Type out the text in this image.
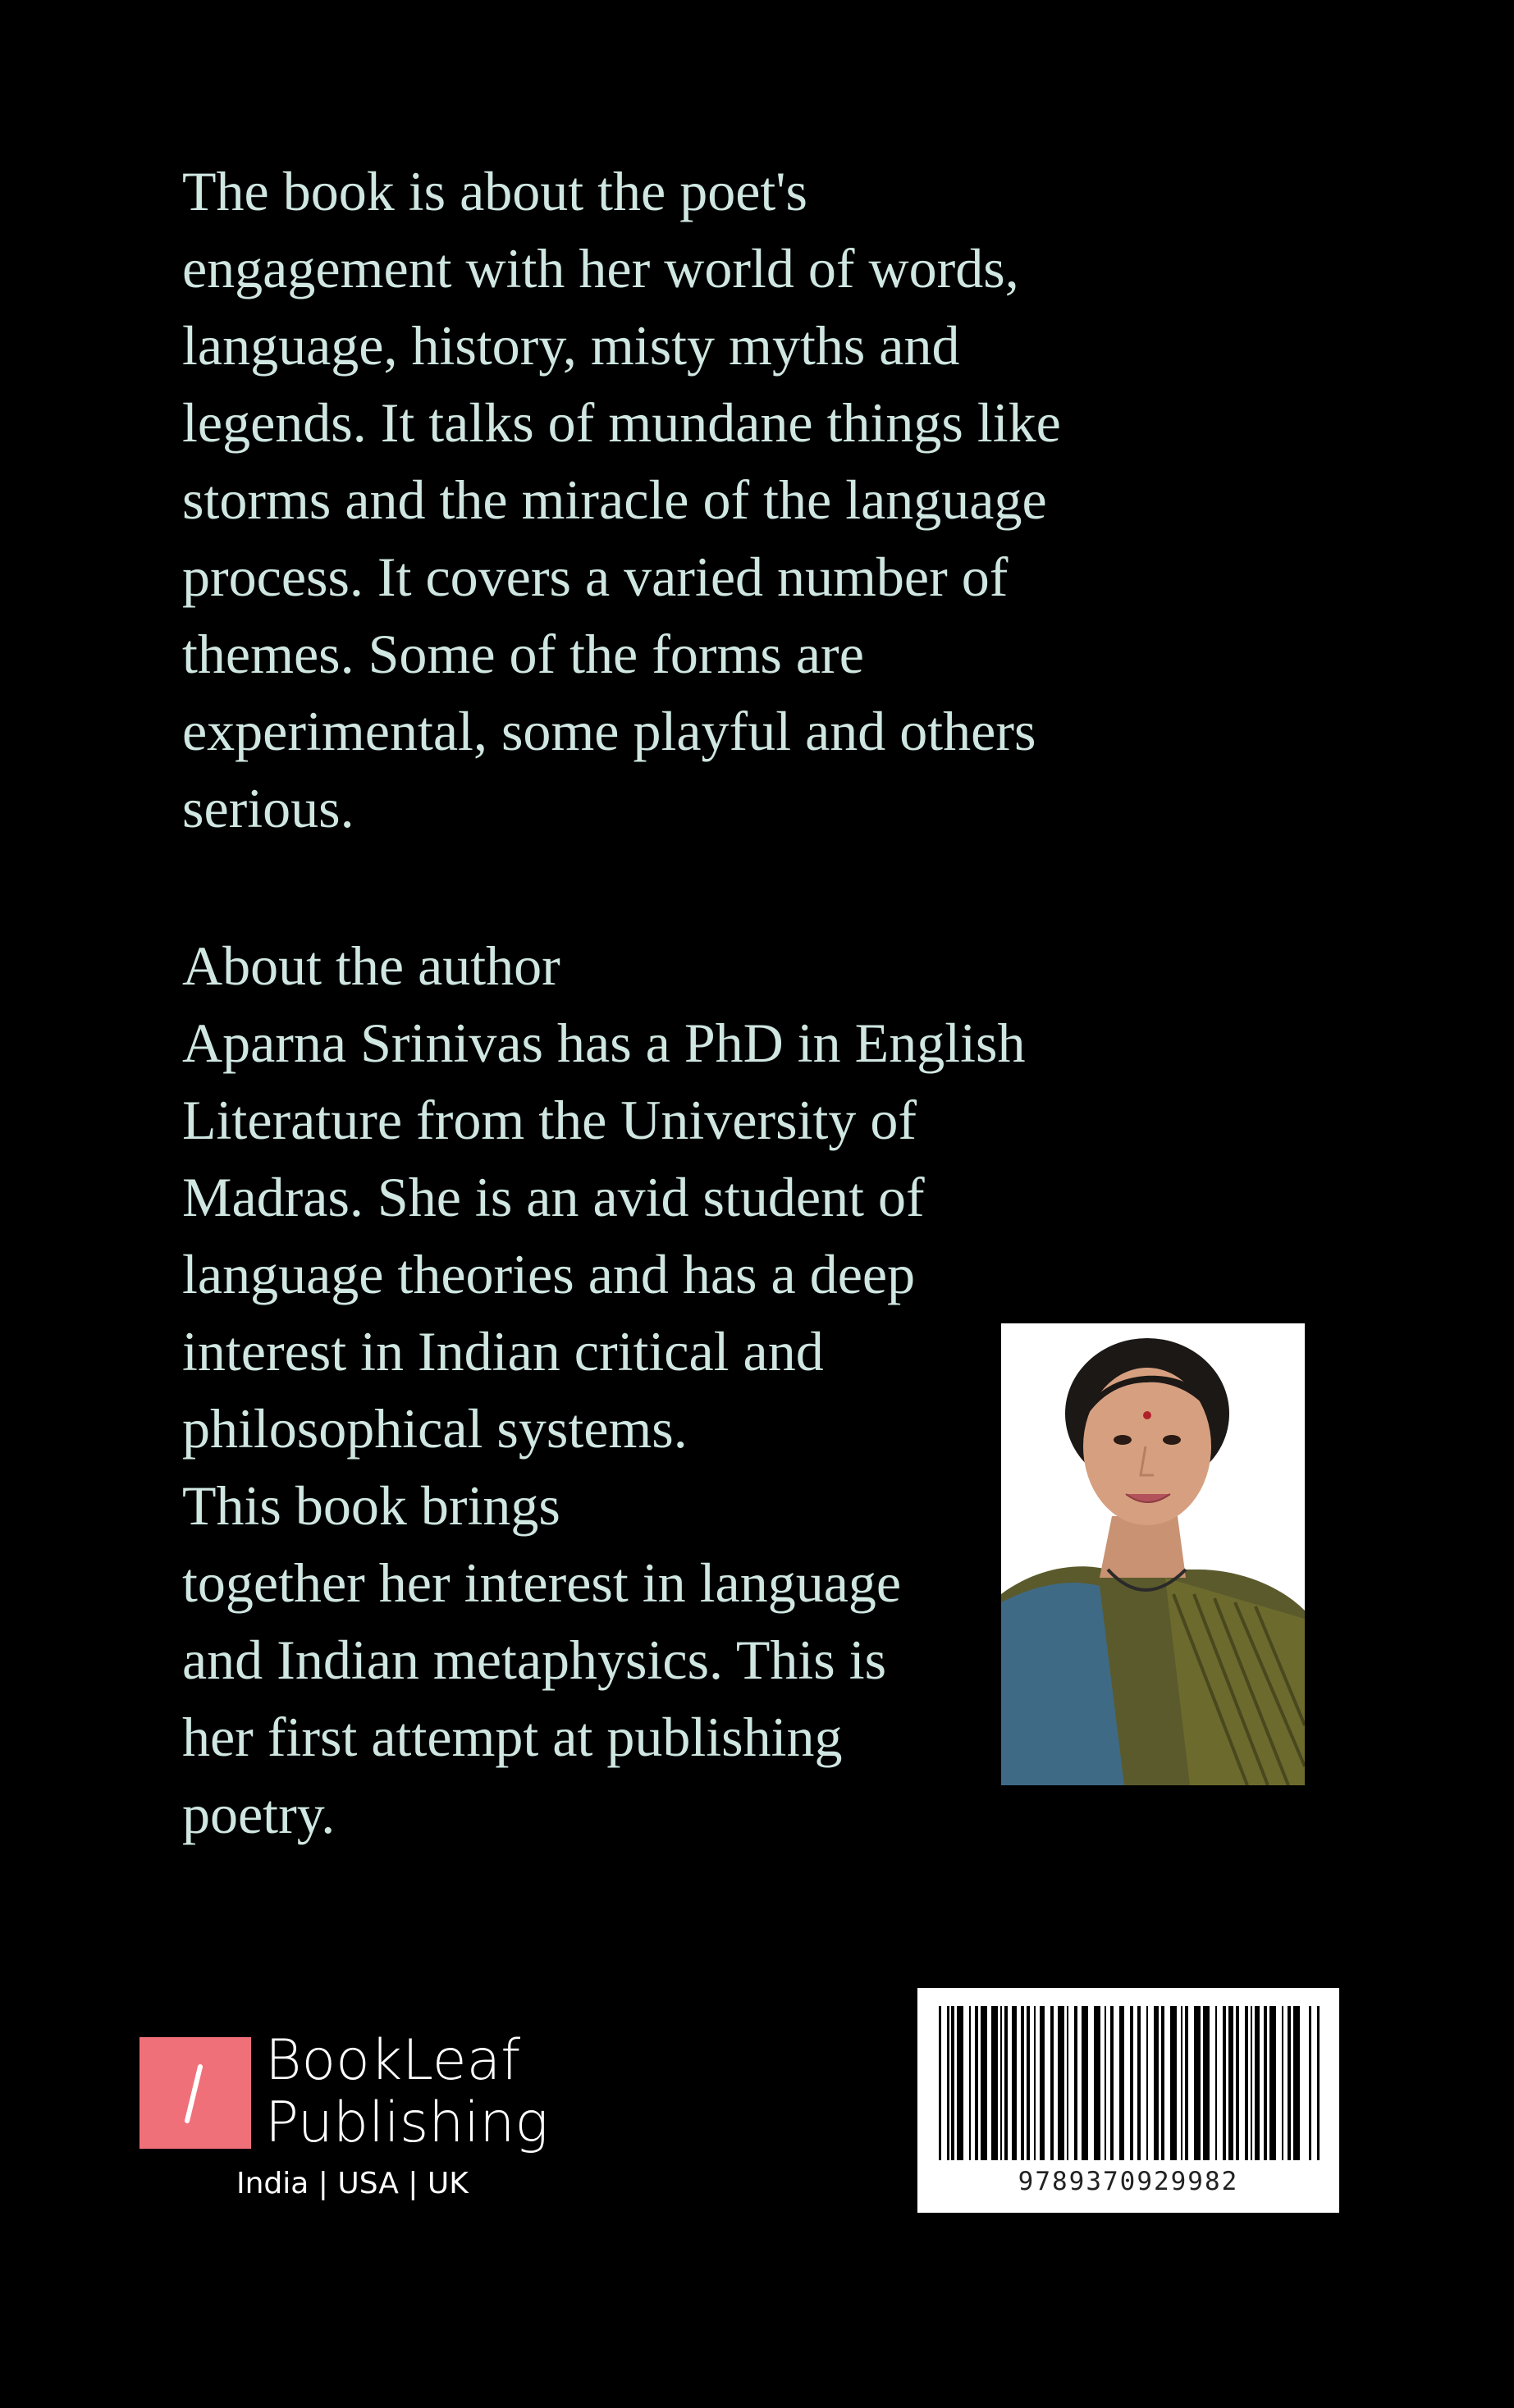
The book is about the poet's
engagement with her world of words,
language, history, misty myths and
legends. It talks of mundane things like
storms and the miracle of the language
process. It covers a varied number of
themes. Some of the forms are
experimental, some playful and others
serious.
About the author
Aparna Srinivas has a PhD in English
Literature from the University of
Madras. She is an avid student of
language theories and has a deep
interest in Indian critical and
philosophical systems.
This book brings
together her interest in language
and Indian metaphysics. This is
her first attempt at publishing
poetry.
BookLeaf
Publishing
India | USA | UK	9789370929982
